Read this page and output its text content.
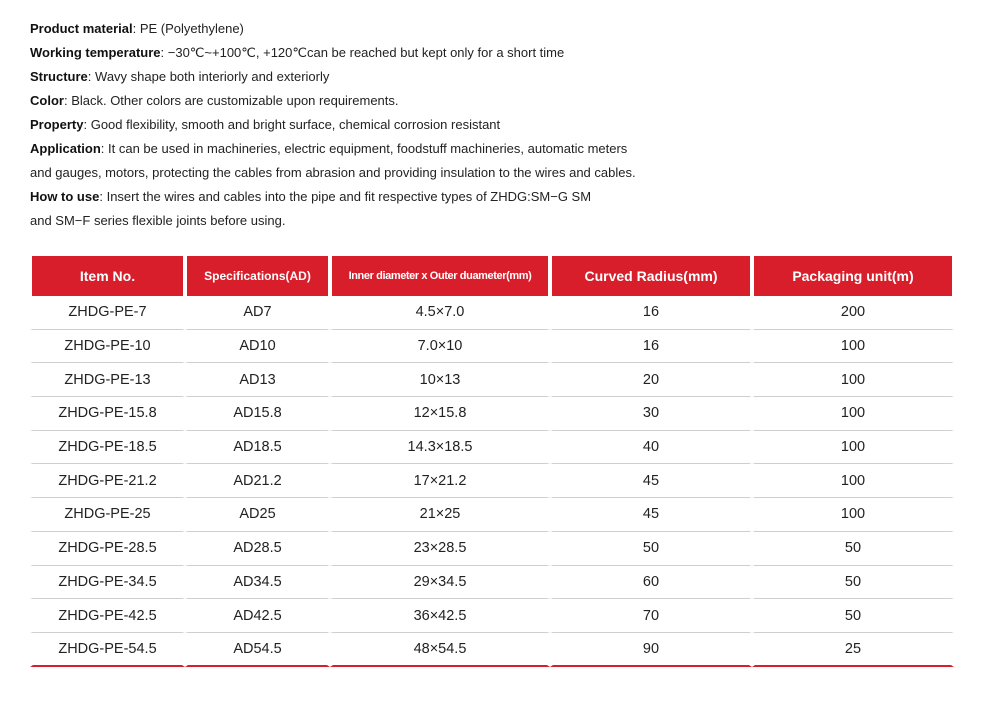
Product material: PE (Polyethylene)
Working temperature: −30℃~+100℃, +120℃can be reached but kept only for a short time
Structure: Wavy shape both interiorly and exteriorly
Color: Black. Other colors are customizable upon requirements.
Property: Good flexibility, smooth and bright surface, chemical corrosion resistant
Application: It can be used in machineries, electric equipment, foodstuff machineries, automatic meters
and gauges, motors, protecting the cables from abrasion and providing insulation to the wires and cables.
How to use: Insert the wires and cables into the pipe and fit respective types of ZHDG:SM−G SM
and SM−F series flexible joints before using.
Item No.	Specifications(AD)	Inner diameter x Outer duameter(mm)	Curved Radius(mm)	Packaging unit(m)
ZHDG-PE-7	AD7	4.5×7.0	16	200
ZHDG-PE-10	AD10	7.0×10	16	100
ZHDG-PE-13	AD13	10×13	20	100
ZHDG-PE-15.8	AD15.8	12×15.8	30	100
ZHDG-PE-18.5	AD18.5	14.3×18.5	40	100
ZHDG-PE-21.2	AD21.2	17×21.2	45	100
ZHDG-PE-25	AD25	21×25	45	100
ZHDG-PE-28.5	AD28.5	23×28.5	50	50
ZHDG-PE-34.5	AD34.5	29×34.5	60	50
ZHDG-PE-42.5	AD42.5	36×42.5	70	50
ZHDG-PE-54.5	AD54.5	48×54.5	90	25
